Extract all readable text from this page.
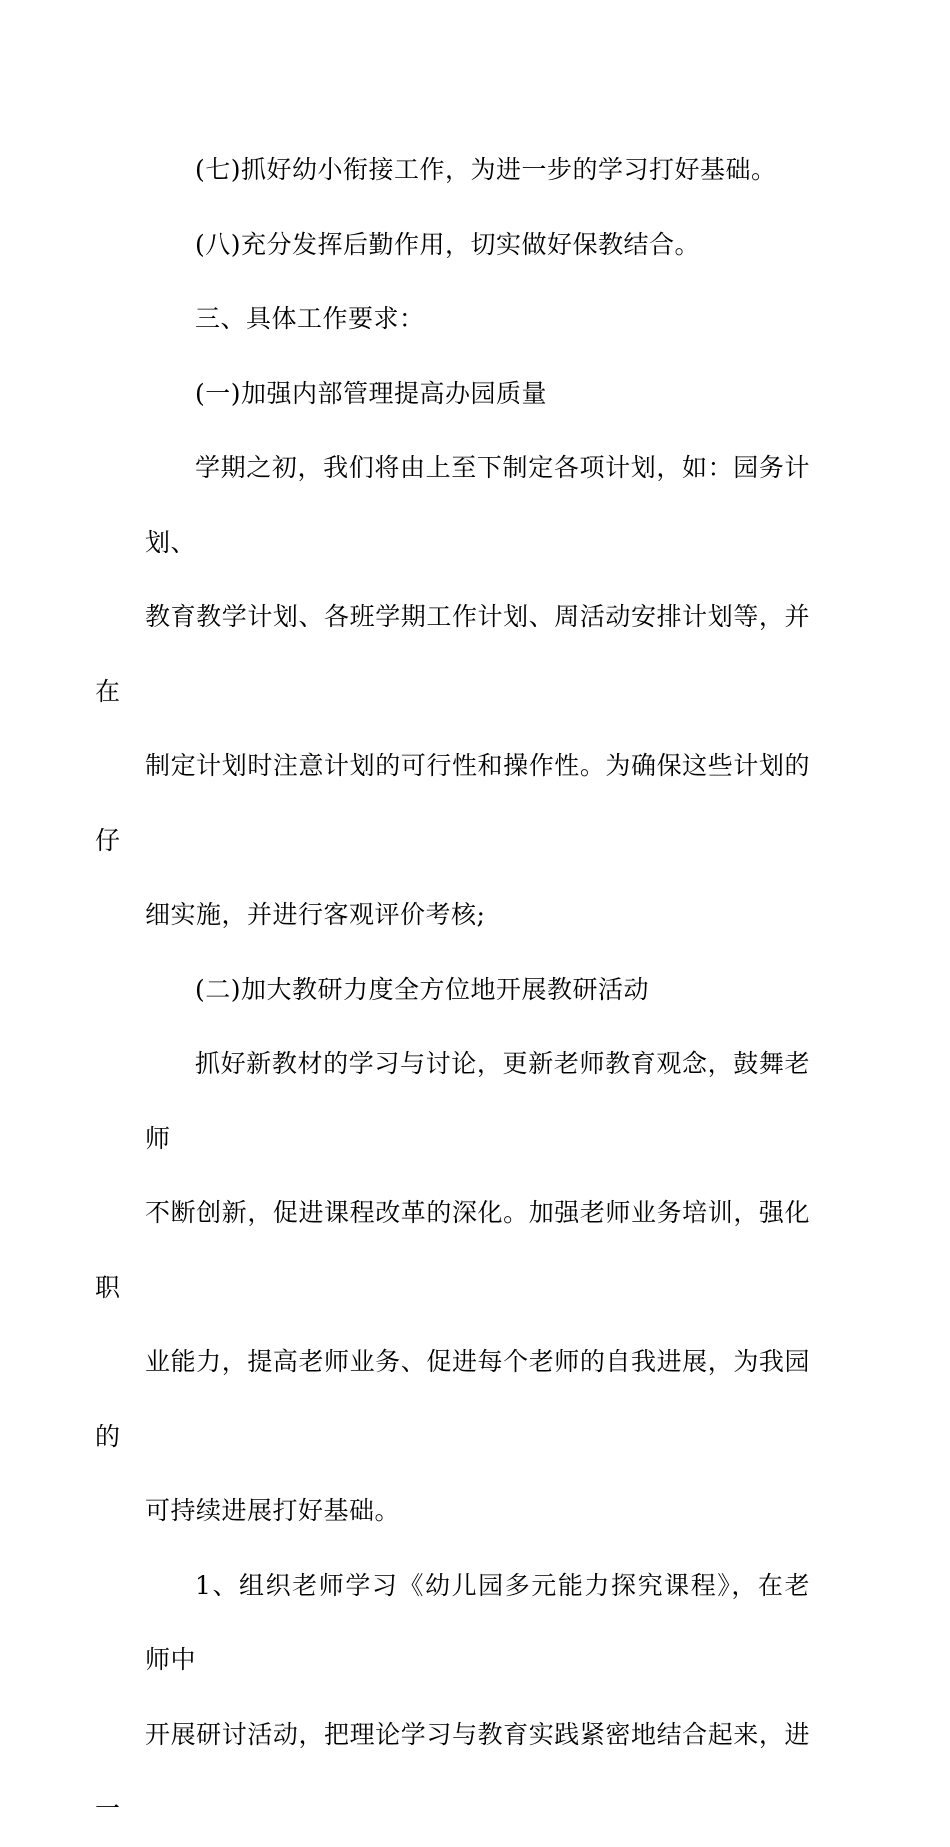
(七)抓好幼小衔接工作，为进一步的学习打好基础。

(八)充分发挥后勤作用，切实做好保教结合。

三、具体工作要求：

(一)加强内部管理提高办园质量

学期之初，我们将由上至下制定各项计划，如：园务计划、
教育教学计划、各班学期工作计划、周活动安排计划等，并在
制定计划时注意计划的可行性和操作性。为确保这些计划的仔
细实施，并进行客观评价考核;

(二)加大教研力度全方位地开展教研活动

抓好新教材的学习与讨论，更新老师教育观念，鼓舞老师
不断创新，促进课程改革的深化。加强老师业务培训，强化职
业能力，提高老师业务、促进每个老师的自我进展，为我园的
可持续进展打好基础。

1、组织老师学习《幼儿园多元能力探究课程》，在老师中
开展研讨活动，把理论学习与教育实践紧密地结合起来，进一
